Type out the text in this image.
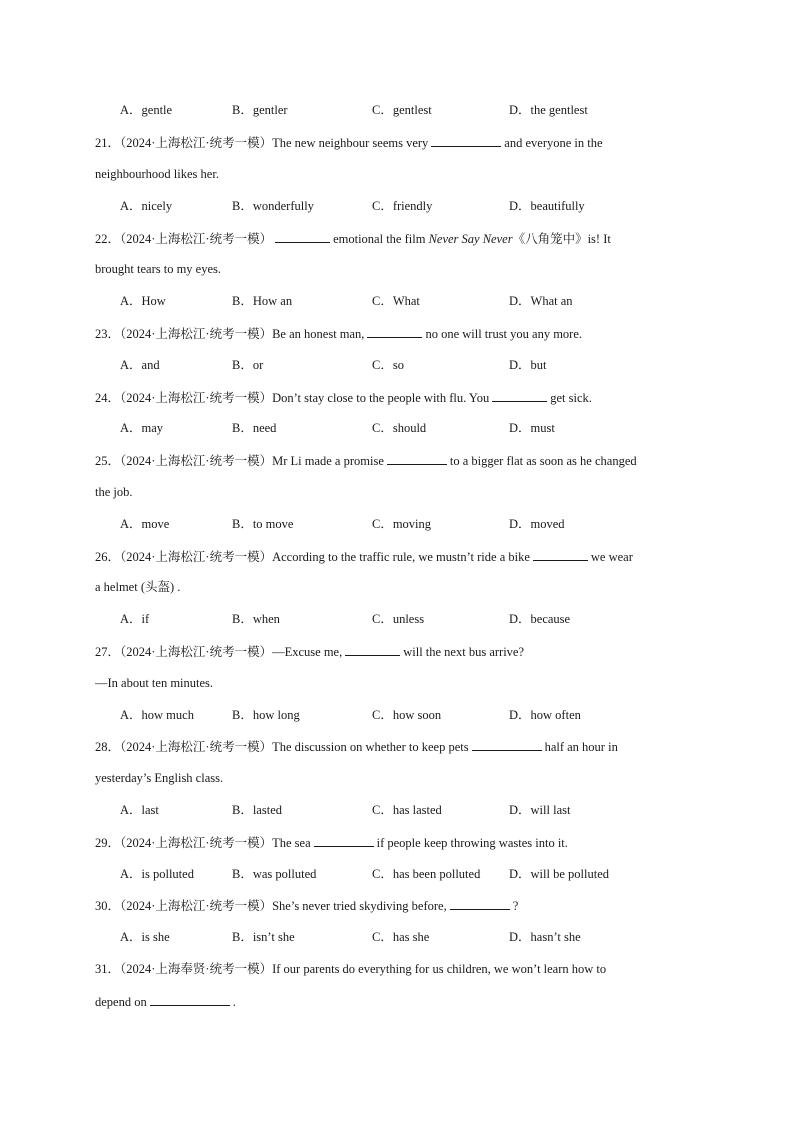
A．gentle	B．gentler	C．gentlest	D．the gentlest
21．（2024·上海松江·统考一模）The new neighbour seems very	and everyone in the
neighbourhood likes her.
A．nicely	B．wonderfully	C．friendly	D．beautifully
22．（2024·上海松江·统考一模）	emotional the film Never Say Never《八角笼中》is! It
brought tears to my eyes.
A．How	B．How an	C．What	D．What an
23．（2024·上海松江·统考一模）Be an honest man,	no one will trust you any more.
A．and	B．or	C．so	D．but
24．（2024·上海松江·统考一模）Don’t stay close to the people with flu. You	get sick.
A．may	B．need	C．should	D．must
25．（2024·上海松江·统考一模）Mr Li made a promise	to a bigger flat as soon as he changed
the job.
A．move	B．to move	C．moving	D．moved
26．（2024·上海松江·统考一模）According to the traffic rule, we mustn’t ride a bike	we wear
a helmet (头盔) .
A．if	B．when	C．unless	D．because
27．（2024·上海松江·统考一模）—Excuse me,	will the next bus arrive?
—In about ten minutes.
A．how much	B．how long	C．how soon	D．how often
28．（2024·上海松江·统考一模）The discussion on whether to keep pets	half an hour in
yesterday’s English class.
A．last	B．lasted	C．has lasted	D．will last
29．（2024·上海松江·统考一模）The sea	if people keep throwing wastes into it.
A．is polluted	B．was polluted	C．has been polluted D．will be polluted
30．（2024·上海松江·统考一模）She’s never tried skydiving before,	?
A．is she	B．isn’t she	C．has she	D．hasn’t she
31．（2024·上海奉贤·统考一模）If our parents do everything for us children, we won’t learn how to
depend on	.
